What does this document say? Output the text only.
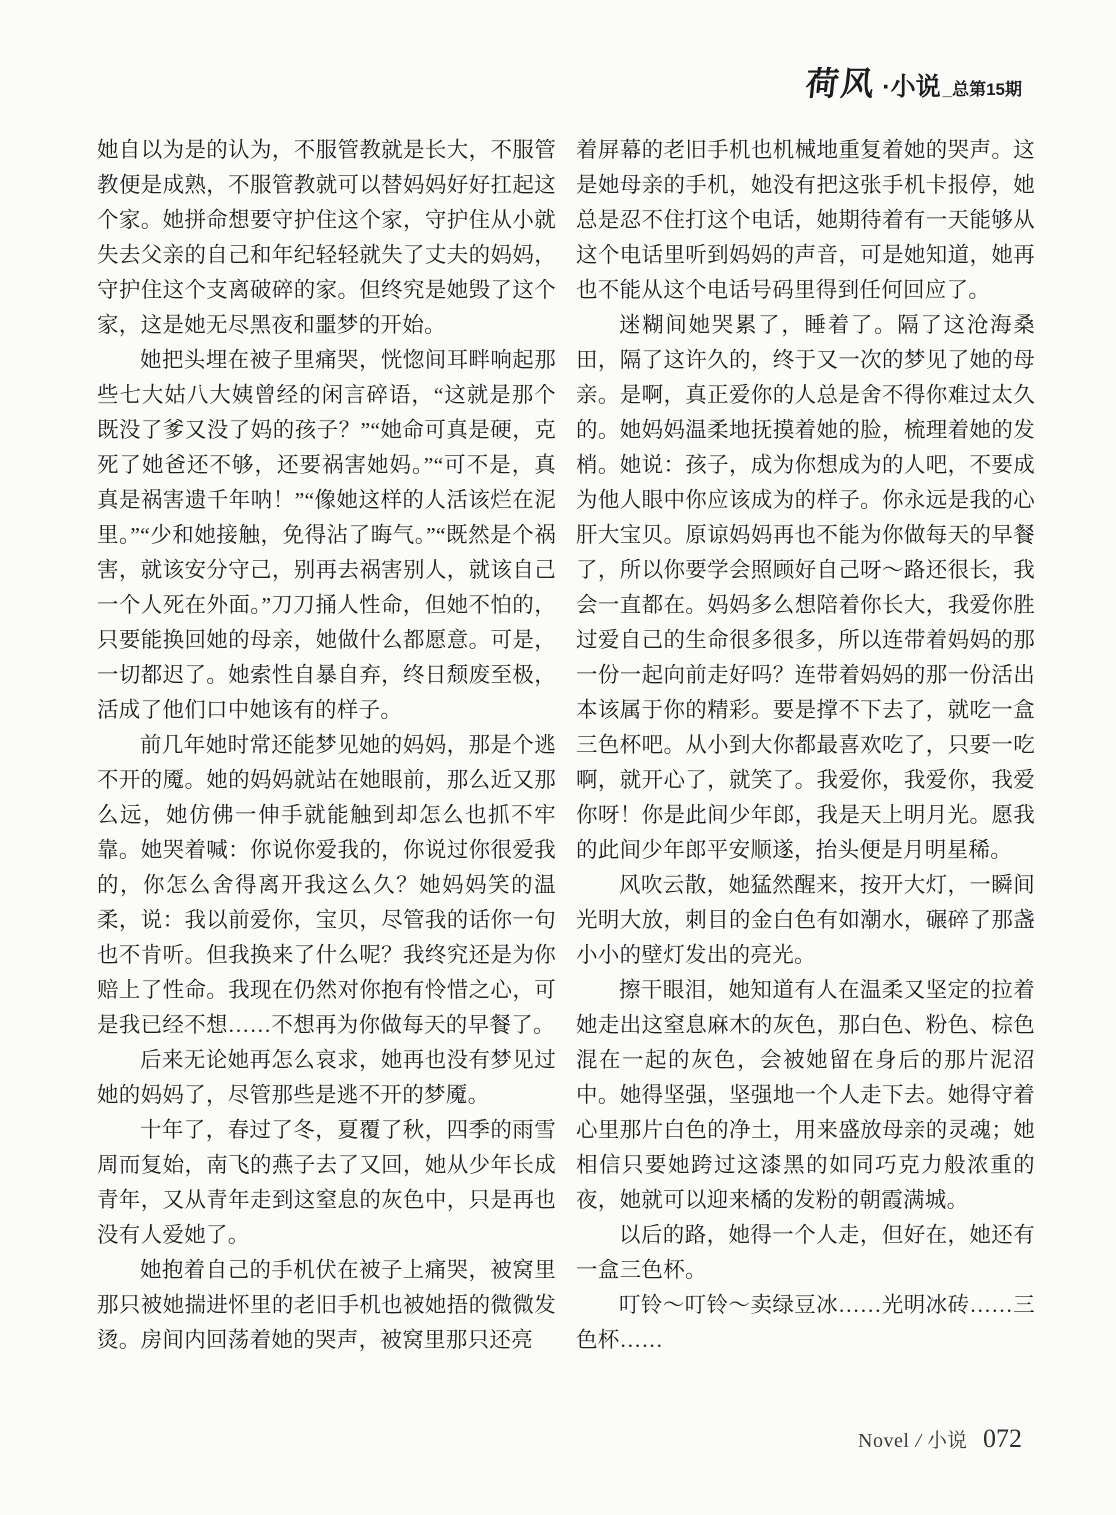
荷风 ·小说 _总第15期

她自以为是的认为，不服管教就是长大，不服管教便是成熟，不服管教就可以替妈妈好好扛起这个家。她拼命想要守护住这个家，守护住从小就失去父亲的自己和年纪轻轻就失了丈夫的妈妈，守护住这个支离破碎的家。但终究是她毁了这个家，这是她无尽黑夜和噩梦的开始。

她把头埋在被子里痛哭，恍惚间耳畔响起那些七大姑八大姨曾经的闲言碎语，“这就是那个既没了爹又没了妈的孩子？”“她命可真是硬，克死了她爸还不够，还要祸害她妈。”“可不是，真真是祸害遗千年呐！”“像她这样的人活该烂在泥里。”“少和她接触，免得沾了晦气。”“既然是个祸害，就该安分守己，别再去祸害别人，就该自己一个人死在外面。”刀刀捅人性命，但她不怕的，只要能换回她的母亲，她做什么都愿意。可是，一切都迟了。她索性自暴自弃，终日颓废至极，活成了他们口中她该有的样子。

前几年她时常还能梦见她的妈妈，那是个逃不开的魇。她的妈妈就站在她眼前，那么近又那么远，她仿佛一伸手就能触到却怎么也抓不牢靠。她哭着喊：你说你爱我的，你说过你很爱我的，你怎么舍得离开我这么久？她妈妈笑的温柔，说：我以前爱你，宝贝，尽管我的话你一句也不肯听。但我换来了什么呢？我终究还是为你赔上了性命。我现在仍然对你抱有怜惜之心，可是我已经不想……不想再为你做每天的早餐了。

后来无论她再怎么哀求，她再也没有梦见过她的妈妈了，尽管那些是逃不开的梦魇。

十年了，春过了冬，夏覆了秋，四季的雨雪周而复始，南飞的燕子去了又回，她从少年长成青年，又从青年走到这窒息的灰色中，只是再也没有人爱她了。

她抱着自己的手机伏在被子上痛哭，被窝里那只被她揣进怀里的老旧手机也被她捂的微微发烫。房间内回荡着她的哭声，被窝里那只还亮

着屏幕的老旧手机也机械地重复着她的哭声。这是她母亲的手机，她没有把这张手机卡报停，她总是忍不住打这个电话，她期待着有一天能够从这个电话里听到妈妈的声音，可是她知道，她再也不能从这个电话号码里得到任何回应了。

迷糊间她哭累了，睡着了。隔了这沧海桑田，隔了这许久的，终于又一次的梦见了她的母亲。是啊，真正爱你的人总是舍不得你难过太久的。她妈妈温柔地抚摸着她的脸，梳理着她的发梢。她说：孩子，成为你想成为的人吧，不要成为他人眼中你应该成为的样子。你永远是我的心肝大宝贝。原谅妈妈再也不能为你做每天的早餐了，所以你要学会照顾好自己呀～路还很长，我会一直都在。妈妈多么想陪着你长大，我爱你胜过爱自己的生命很多很多，所以连带着妈妈的那一份一起向前走好吗？连带着妈妈的那一份活出本该属于你的精彩。要是撑不下去了，就吃一盒三色杯吧。从小到大你都最喜欢吃了，只要一吃啊，就开心了，就笑了。我爱你，我爱你，我爱你呀！你是此间少年郎，我是天上明月光。愿我的此间少年郎平安顺遂，抬头便是月明星稀。

风吹云散，她猛然醒来，按开大灯，一瞬间光明大放，刺目的金白色有如潮水，碾碎了那盏小小的壁灯发出的亮光。

擦干眼泪，她知道有人在温柔又坚定的拉着她走出这窒息麻木的灰色，那白色、粉色、棕色混在一起的灰色，会被她留在身后的那片泥沼中。她得坚强，坚强地一个人走下去。她得守着心里那片白色的净土，用来盛放母亲的灵魂；她相信只要她跨过这漆黑的如同巧克力般浓重的夜，她就可以迎来橘的发粉的朝霞满城。

以后的路，她得一个人走，但好在，她还有一盒三色杯。

叮铃～叮铃～卖绿豆冰……光明冰砖……三色杯……

Novel / 小说 072
